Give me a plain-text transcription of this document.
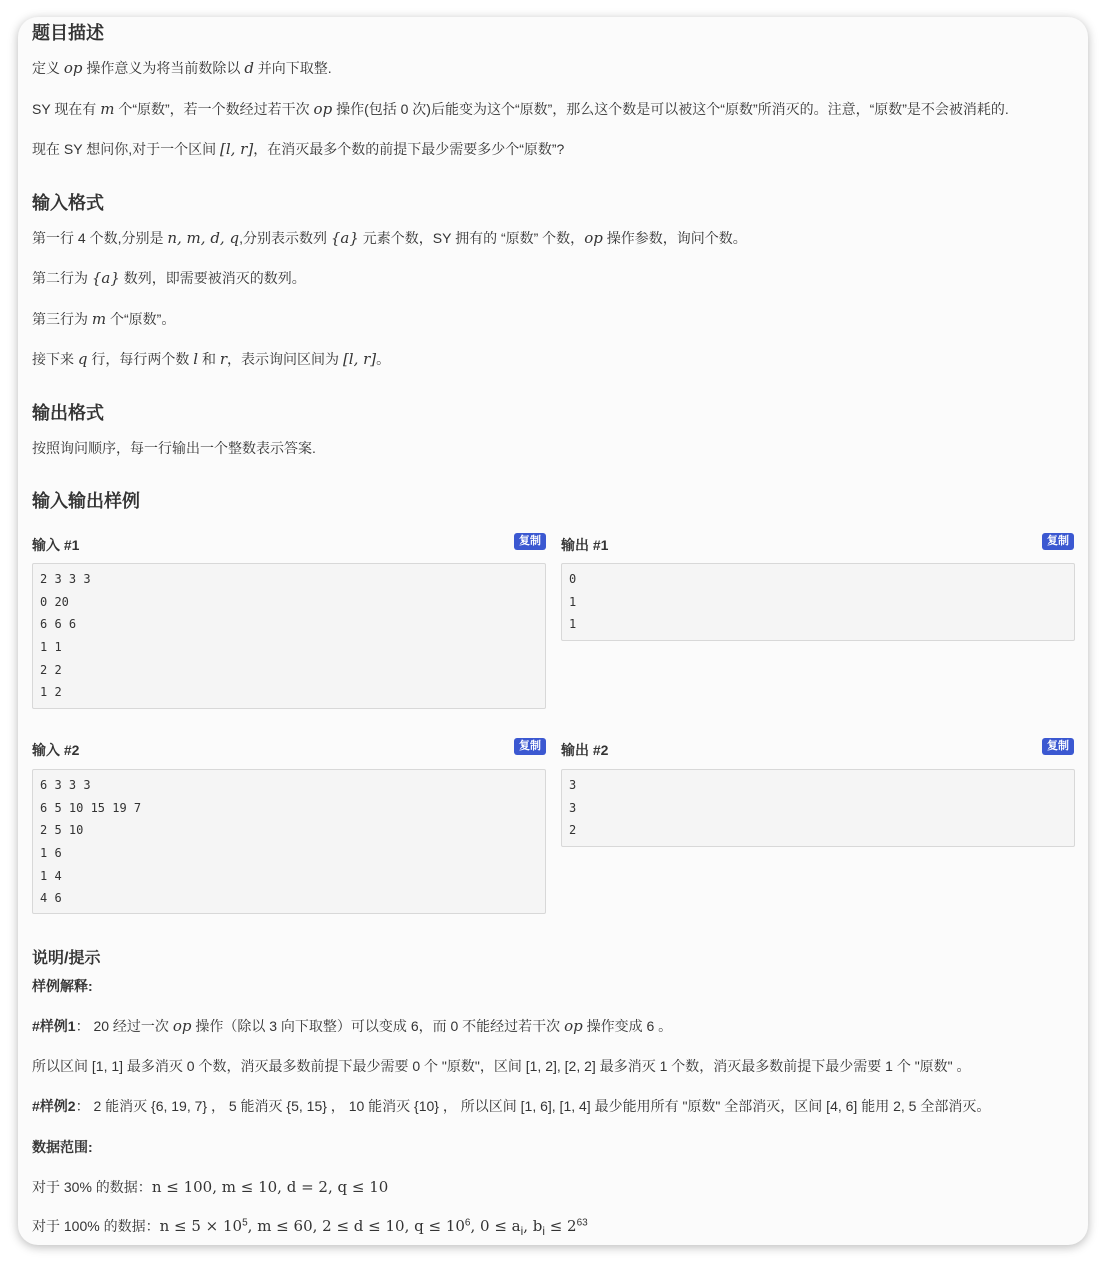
题目描述

定义 op 操作意义为将当前数除以 d 并向下取整.

SY 现在有 m 个“原数”，若一个数经过若干次 op 操作(包括 0 次)后能变为这个“原数”，那么这个数是可以被这个“原数”所消灭的。注意，“原数”是不会被消耗的.

现在 SY 想问你,对于一个区间 [l, r]，在消灭最多个数的前提下最少需要多少个“原数”?

输入格式

第一行 4 个数,分别是 n, m, d, q,分别表示数列 {a} 元素个数，SY 拥有的 “原数” 个数，op 操作参数，询问个数。

第二行为 {a} 数列，即需要被消灭的数列。

第三行为 m 个“原数”。

接下来 q 行，每行两个数 l 和 r，表示询问区间为 [l, r]。

输出格式

按照询问顺序，每一行输出一个整数表示答案.

输入输出样例
输入 #1	复制
2 3 3 3
0 20
6 6 6
1 1
2 2
1 2
输出 #1	复制
0
1
1
输入 #2	复制
6 3 3 3
6 5 10 15 19 7
2 5 10
1 6
1 4
4 6
输出 #2	复制
3
3
2
说明/提示
样例解释:

#样例1： 20 经过一次 op 操作（除以 3 向下取整）可以变成 6，而 0 不能经过若干次 op 操作变成 6 。

所以区间 [1, 1] 最多消灭 0 个数，消灭最多数前提下最少需要 0 个 "原数"，区间 [1, 2], [2, 2] 最多消灭 1 个数，消灭最多数前提下最少需要 1 个 "原数" 。

#样例2： 2 能消灭 {6, 19, 7} ， 5 能消灭 {5, 15} ， 10 能消灭 {10} ， 所以区间 [1, 6], [1, 4] 最少能用所有 "原数" 全部消灭，区间 [4, 6] 能用 2, 5 全部消灭。

数据范围:

对于 30% 的数据：n ≤ 100, m ≤ 10, d = 2, q ≤ 10

对于 100% 的数据：$n \le 5 \times 10^5$, m ≤ 60, 2 ≤ d ≤ 10, $q \le 10^6$, $0 \le a_i$, $b_i \le 2^{63}$
